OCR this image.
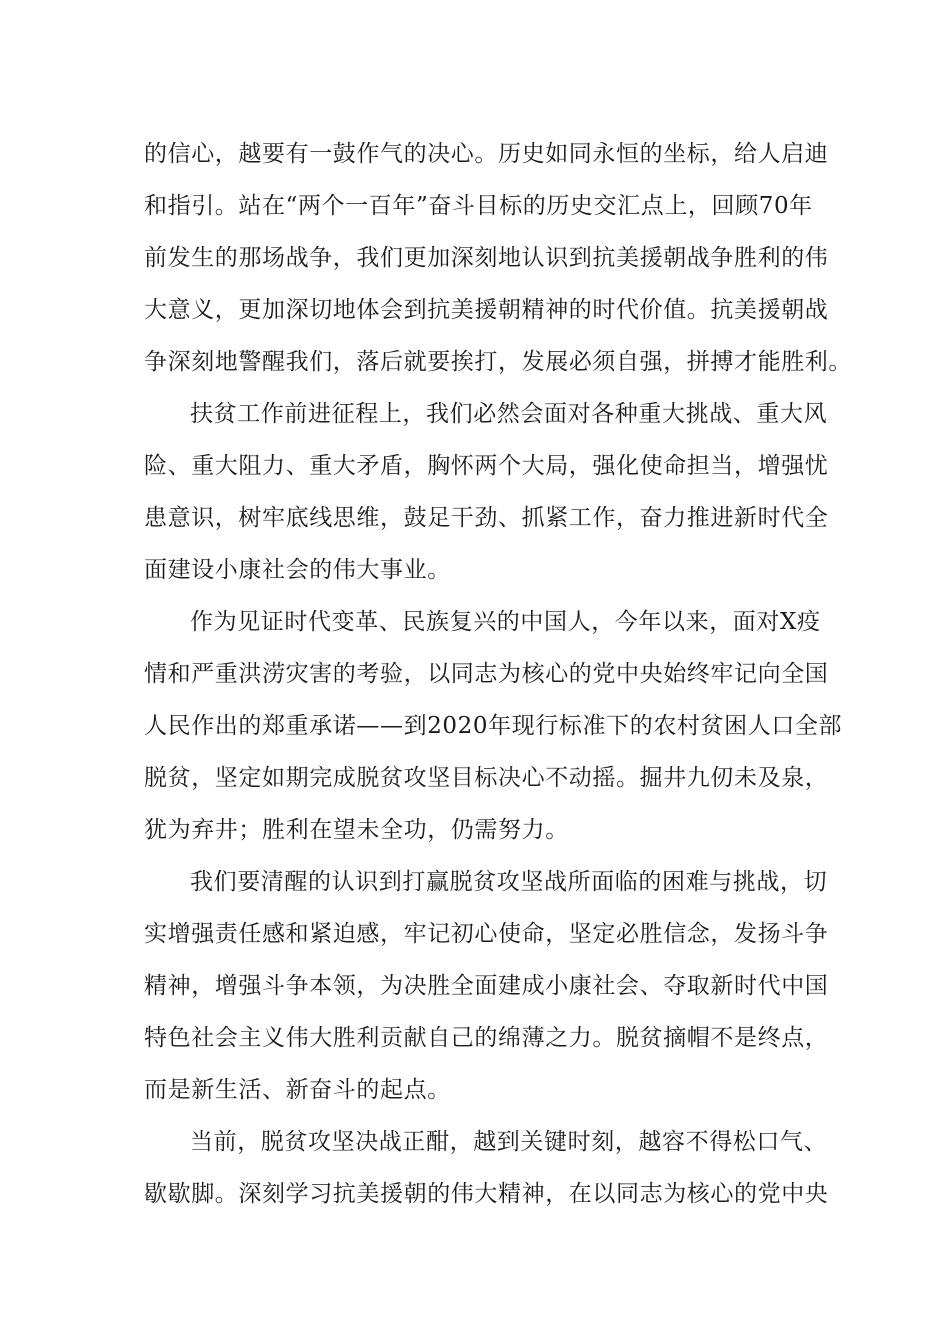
的信心，越要有一鼓作气的决心。历史如同永恒的坐标，给人启迪
和指引。站在“两个一百年”奋斗目标的历史交汇点上，回顾70年
前发生的那场战争，我们更加深刻地认识到抗美援朝战争胜利的伟
大意义，更加深切地体会到抗美援朝精神的时代价值。抗美援朝战
争深刻地警醒我们，落后就要挨打，发展必须自强，拼搏才能胜利。
扶贫工作前进征程上，我们必然会面对各种重大挑战、重大风
险、重大阻力、重大矛盾，胸怀两个大局，强化使命担当，增强忧
患意识，树牢底线思维，鼓足干劲、抓紧工作，奋力推进新时代全
面建设小康社会的伟大事业。
作为见证时代变革、民族复兴的中国人，今年以来，面对X疫
情和严重洪涝灾害的考验，以同志为核心的党中央始终牢记向全国
人民作出的郑重承诺——到2020年现行标准下的农村贫困人口全部
脱贫，坚定如期完成脱贫攻坚目标决心不动摇。掘井九仞未及泉，
犹为弃井；胜利在望未全功，仍需努力。
我们要清醒的认识到打赢脱贫攻坚战所面临的困难与挑战，切
实增强责任感和紧迫感，牢记初心使命，坚定必胜信念，发扬斗争
精神，增强斗争本领，为决胜全面建成小康社会、夺取新时代中国
特色社会主义伟大胜利贡献自己的绵薄之力。脱贫摘帽不是终点，
而是新生活、新奋斗的起点。
当前，脱贫攻坚决战正酣，越到关键时刻，越容不得松口气、
歇歇脚。深刻学习抗美援朝的伟大精神，在以同志为核心的党中央
